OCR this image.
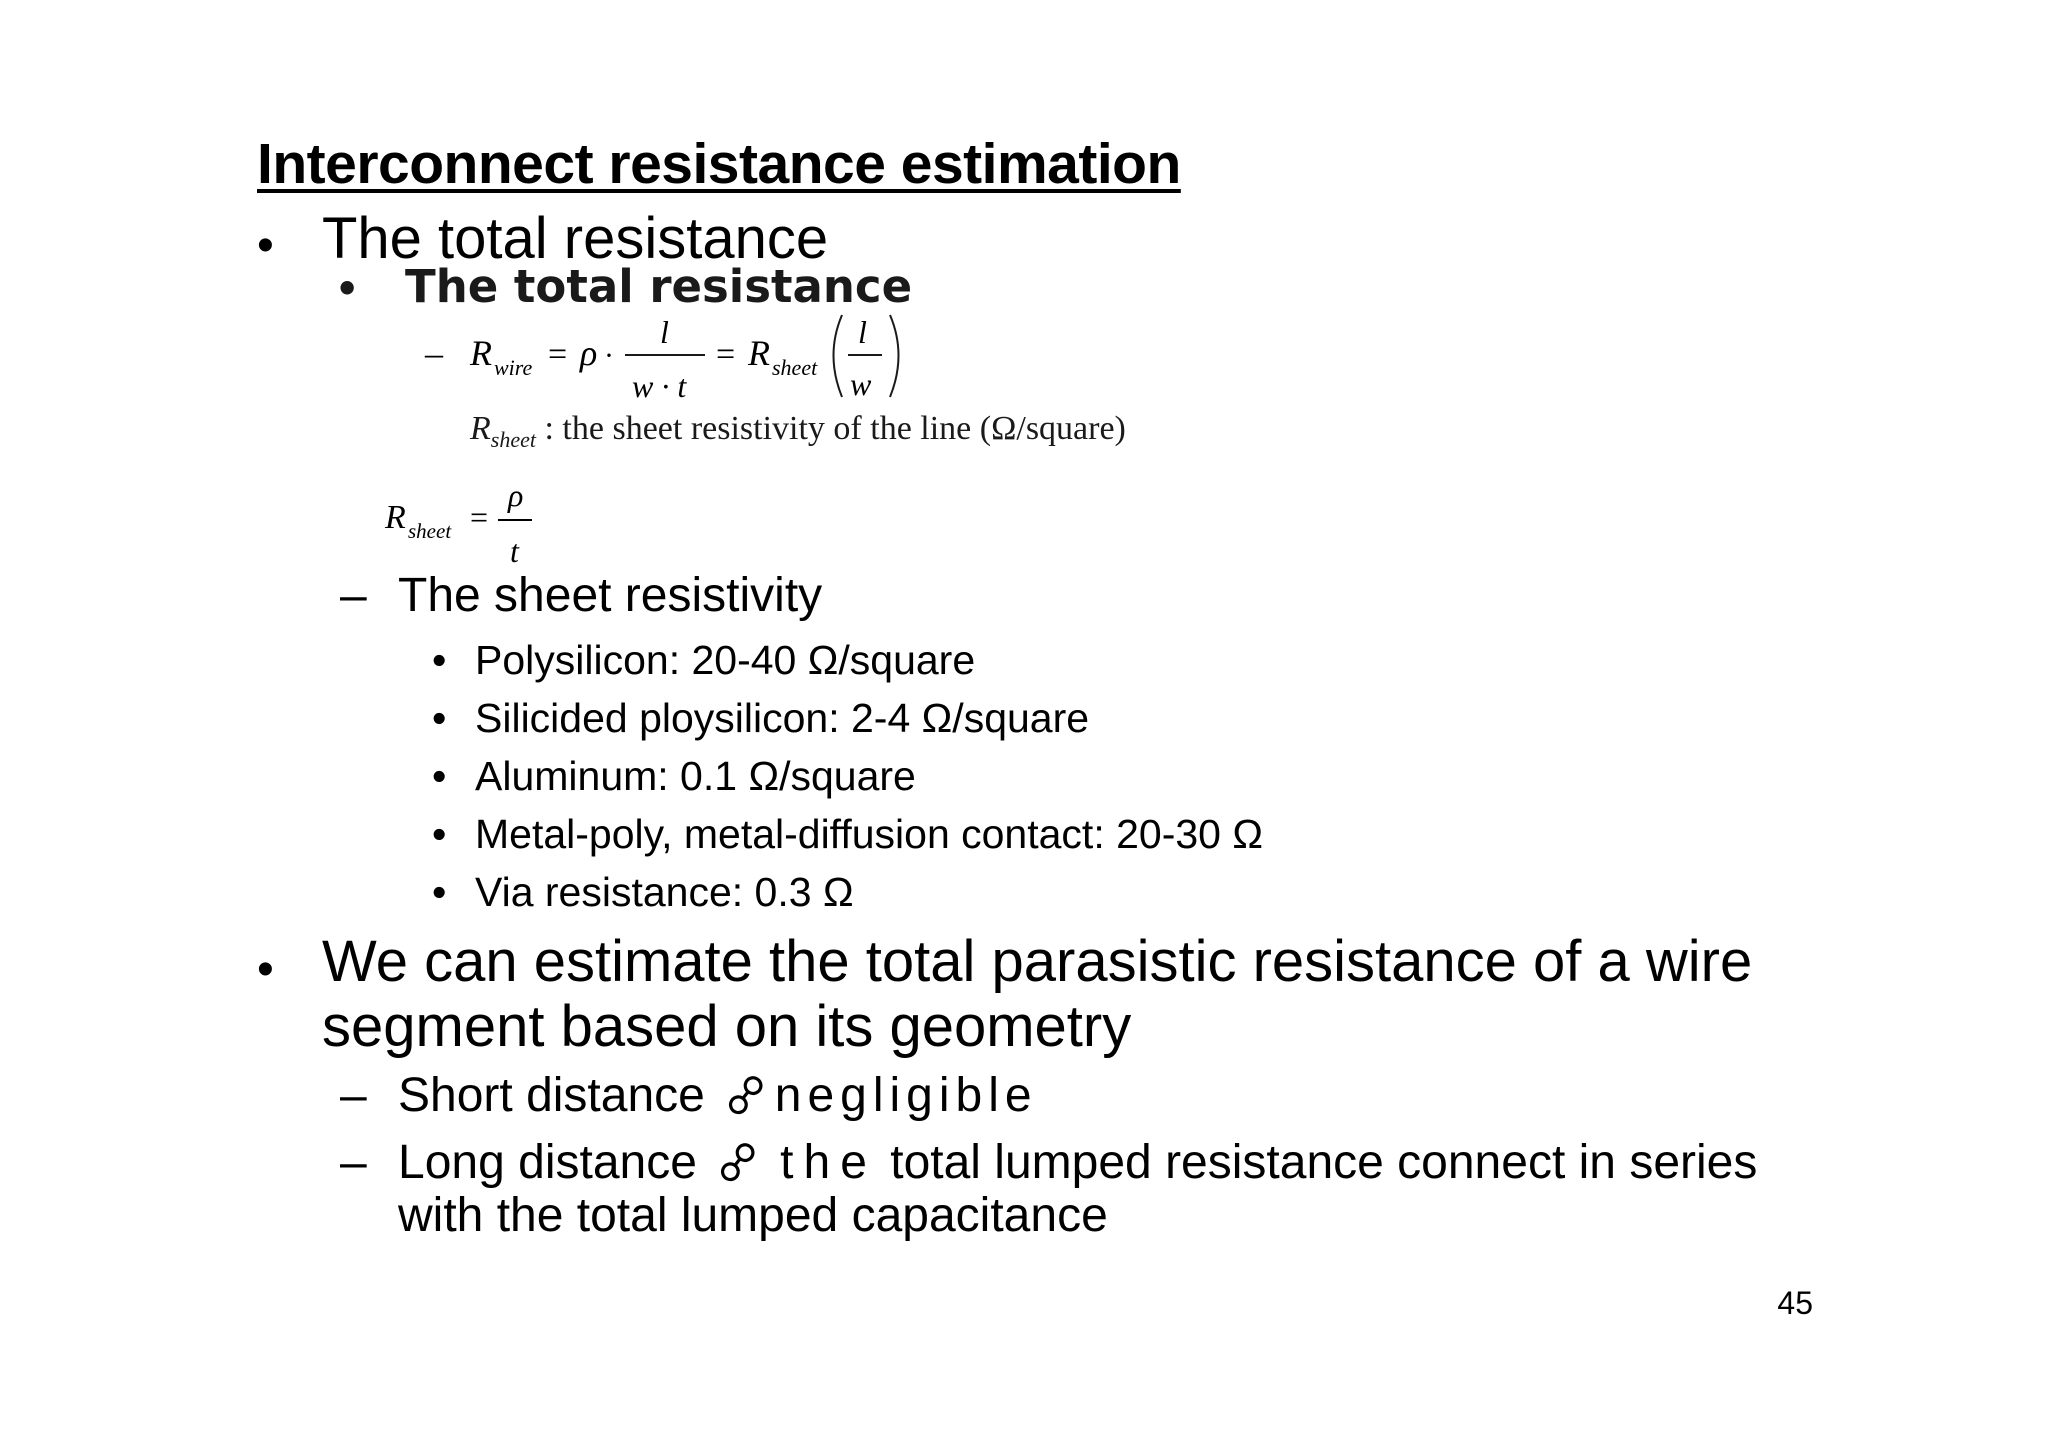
Interconnect resistance estimation
• The total resistance
• The total resistance
– R wire = ρ ·
l
w · t
= R sheet
l
w
$R_{sheet}$ : the sheet resistivity of the line (Ω/square)
R sheet =
ρ
t
– The sheet resistivity
• Polysilicon: 20-40 Ω/square
• Silicided ploysilicon: 2-4 Ω/square
• Aluminum: 0.1 Ω/square
• Metal-poly, metal-diffusion contact: 20-30 Ω
• Via resistance: 0.3 Ω
• We can estimate the total parasistic resistance of a wire
segment based on its geometry
– Short distance ☍negligible
– Long distance ☍ the total lumped resistance connect in series
with the total lumped capacitance
45
